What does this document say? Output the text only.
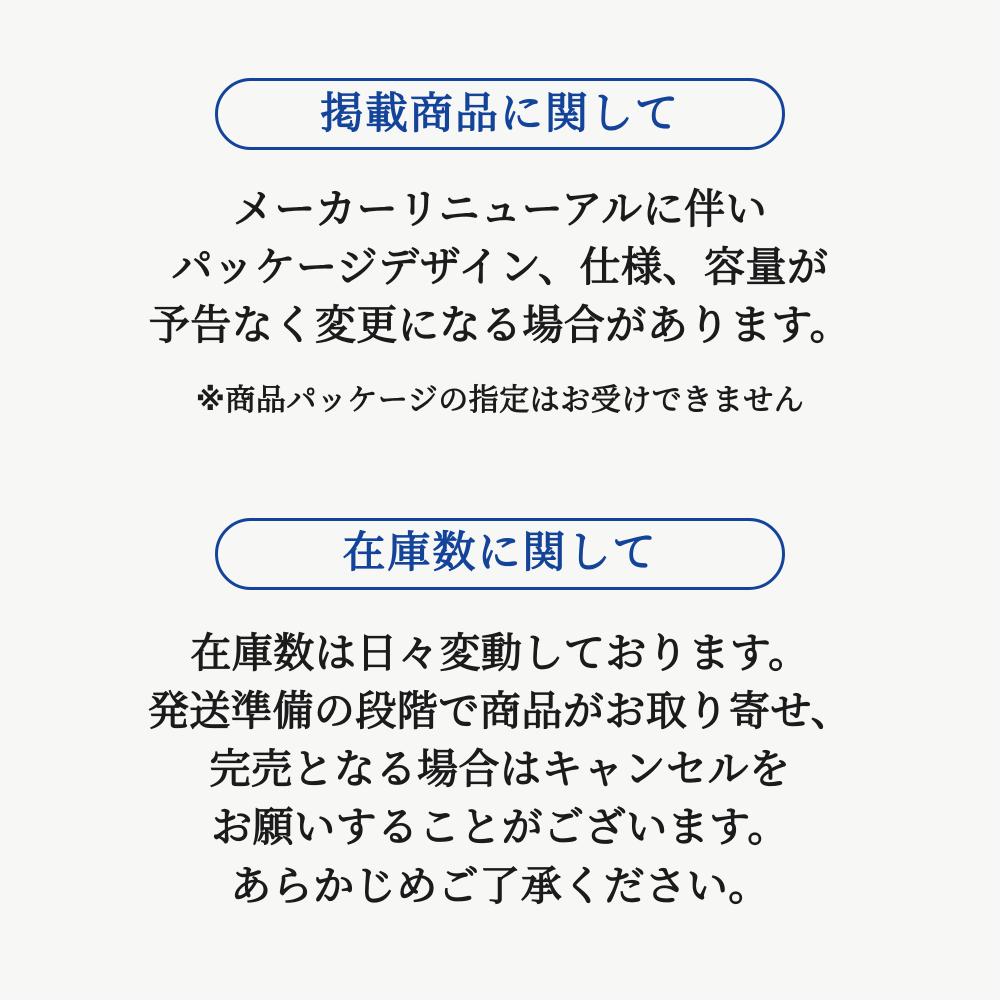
掲載商品に関して

メーカーリニューアルに伴い
パッケージデザイン、仕様、容量が
予告なく変更になる場合があります。

※商品パッケージの指定はお受けできません

在庫数に関して

在庫数は日々変動しております。
発送準備の段階で商品がお取り寄せ、
完売となる場合はキャンセルを
お願いすることがございます。
あらかじめご了承ください。
